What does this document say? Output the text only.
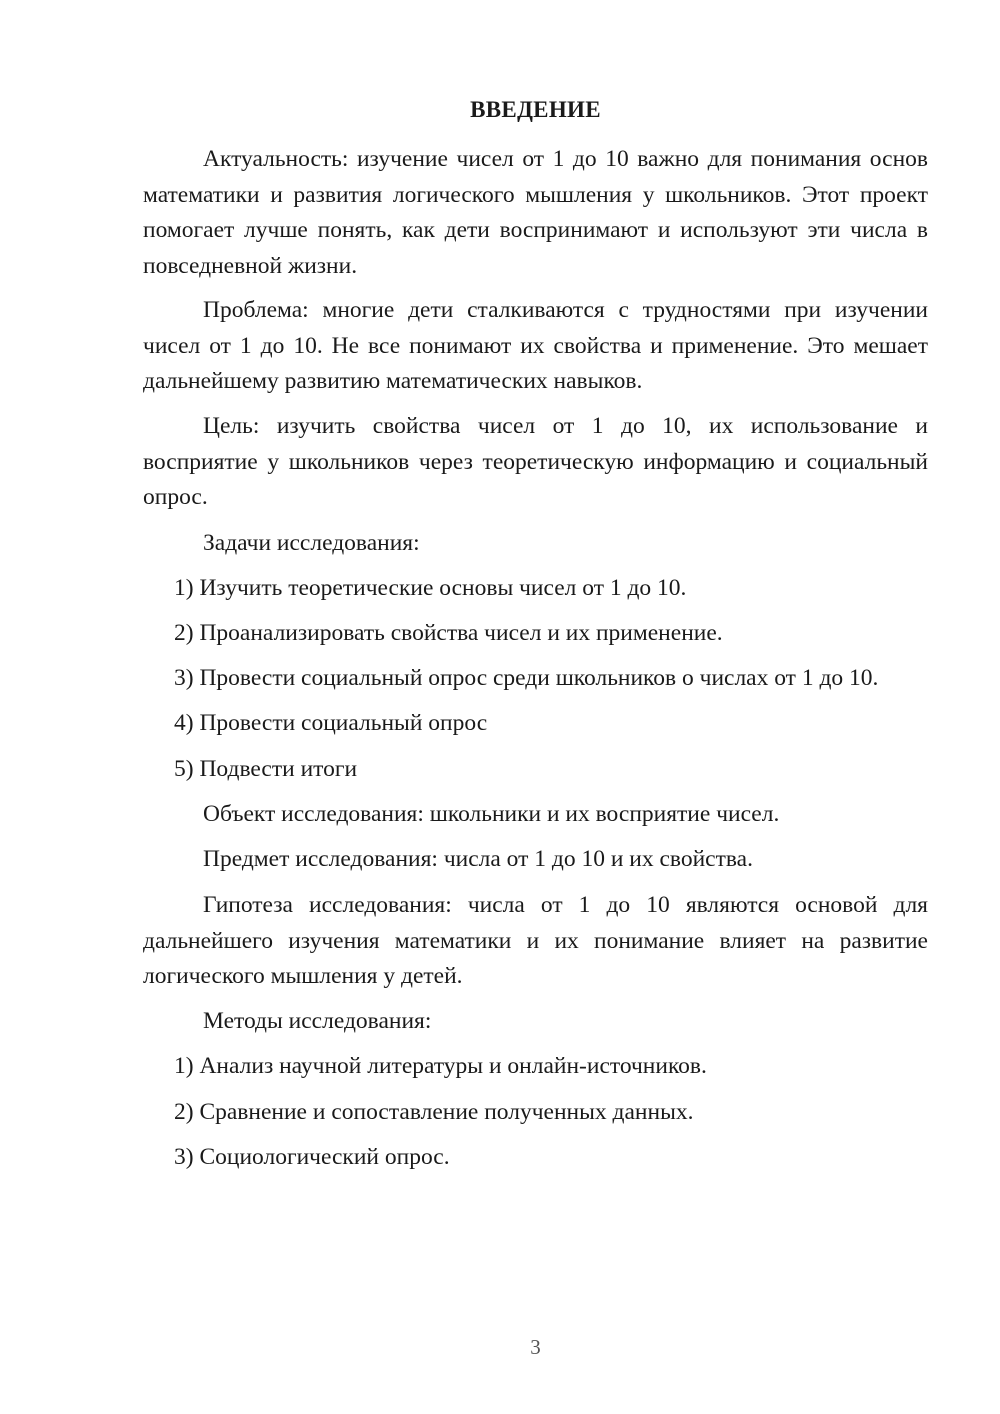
ВВЕДЕНИЕ

Актуальность: изучение чисел от 1 до 10 важно для понимания основ математики и развития логического мышления у школьников. Этот проект помогает лучше понять, как дети воспринимают и используют эти числа в повседневной жизни.

Проблема: многие дети сталкиваются с трудностями при изучении чисел от 1 до 10. Не все понимают их свойства и применение. Это мешает дальнейшему развитию математических навыков.

Цель: изучить свойства чисел от 1 до 10, их использование и восприятие у школьников через теоретическую информацию и социальный опрос.

Задачи исследования:

1) Изучить теоретические основы чисел от 1 до 10.

2) Проанализировать свойства чисел и их применение.

3) Провести социальный опрос среди школьников о числах от 1 до 10.

4) Провести социальный опрос

5) Подвести итоги

Объект исследования: школьники и их восприятие чисел.

Предмет исследования: числа от 1 до 10 и их свойства.

Гипотеза исследования: числа от 1 до 10 являются основой для дальнейшего изучения математики и их понимание влияет на развитие логического мышления у детей.

Методы исследования:

1) Анализ научной литературы и онлайн-источников.

2) Сравнение и сопоставление полученных данных.

3) Социологический опрос.

3
